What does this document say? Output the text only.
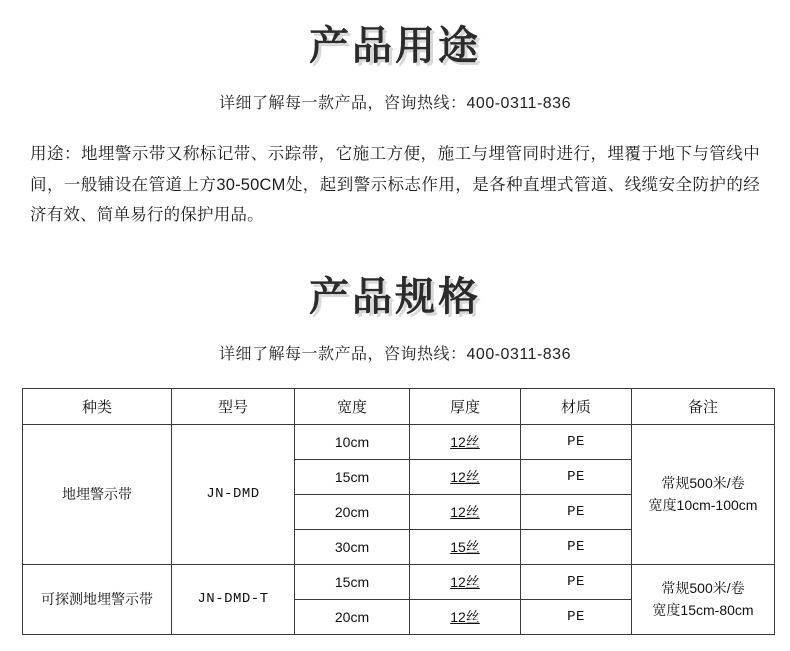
产品用途

详细了解每一款产品，咨询热线：400-0311-836

用途：地埋警示带又称标记带、示踪带，它施工方便，施工与埋管同时进行，埋覆于地下与管线中间，一般铺设在管道上方30-50CM处，起到警示标志作用，是各种直埋式管道、线缆安全防护的经济有效、简单易行的保护用品。

产品规格

详细了解每一款产品，咨询热线：400-0311-836

种类	型号	宽度	厚度	材质	备注
地埋警示带	JN-DMD	10cm	12丝	PE	常规500米/卷
宽度10cm-100cm

		15cm	12丝	PE	
		20cm	12丝	PE	
		30cm	15丝	PE	
可探测地埋警示带	JN-DMD-T	15cm	12丝	PE	常规500米/卷
宽度15cm-80cm

		20cm	12丝	PE	
